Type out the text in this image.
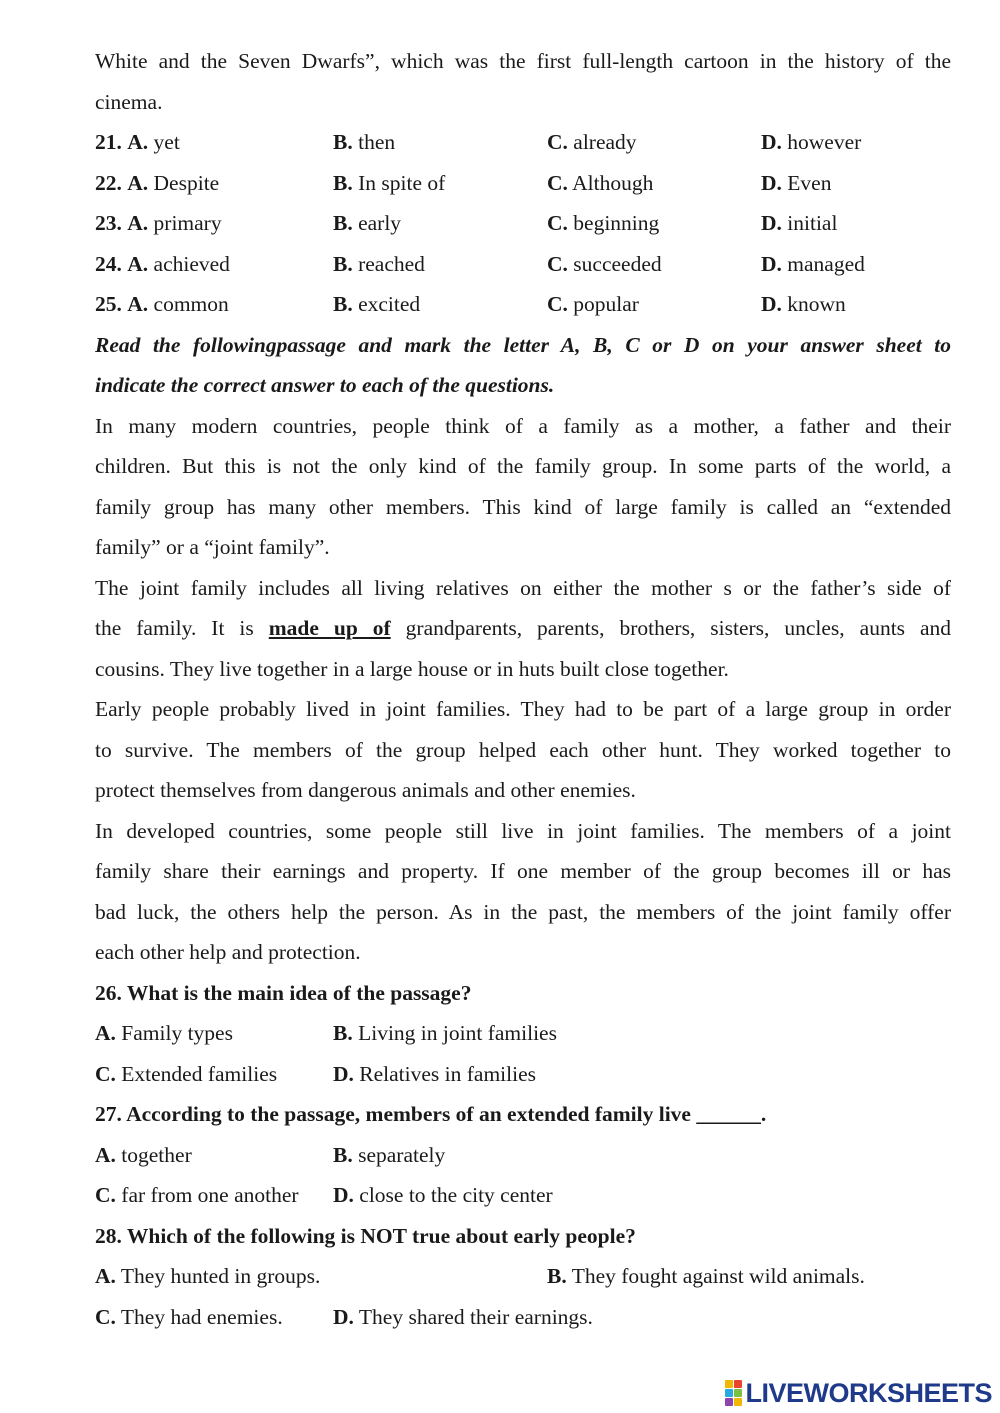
White and the Seven Dwarfs”, which was the first full-length cartoon in the history of the
cinema.
21. A. yet	B. then	C. already	D. however
22. A. Despite	B. In spite of	C. Although	D. Even
23. A. primary	B. early	C. beginning	D. initial
24. A. achieved	B. reached	C. succeeded	D. managed
25. A. common	B. excited	C. popular	D. known
Read the followingpassage and mark the letter A, B, C or D on your answer sheet to
indicate the correct answer to each of the questions.
In many modern countries, people think of a family as a mother, a father and their
children. But this is not the only kind of the family group. In some parts of the world, a
family group has many other members. This kind of large family is called an “extended
family” or a “joint family”.
The joint family includes all living relatives on either the mother s or the father’s side of
the family. It is made up of grandparents, parents, brothers, sisters, uncles, aunts and
cousins. They live together in a large house or in huts built close together.
Early people probably lived in joint families. They had to be part of a large group in order
to survive. The members of the group helped each other hunt. They worked together to
protect themselves from dangerous animals and other enemies.
In developed countries, some people still live in joint families. The members of a joint
family share their earnings and property. If one member of the group becomes ill or has
bad luck, the others help the person. As in the past, the members of the joint family offer
each other help and protection.
26. What is the main idea of the passage?
A. Family types	B. Living in joint families
C. Extended families	D. Relatives in families
27. According to the passage, members of an extended family live ______.
A. together	B. separately
C. far from one another D. close to the city center
28. Which of the following is NOT true about early people?
A. They hunted in groups.	B. They fought against wild animals.
C. They had enemies. D. They shared their earnings.
LIVEWORKSHEETS
